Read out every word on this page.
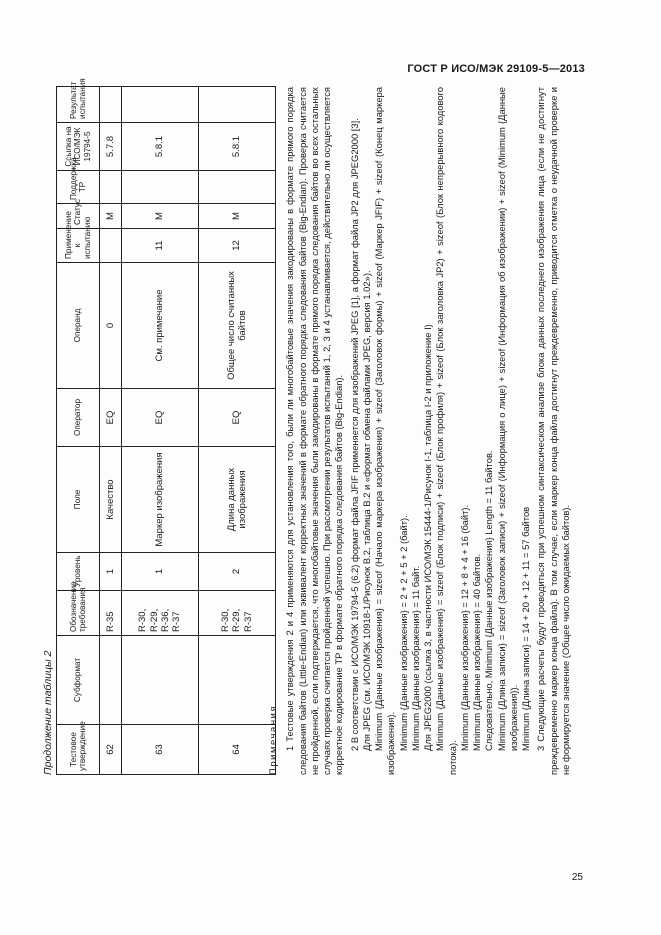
ГОСТ Р ИСО/МЭК 29109-5—2013
Продолжение таблицы 2 Тестовое утверждение	Субформат	Обозначение требования	Уровень	Поле	Оператор	Операнд	Применение к испытанию	Статус	Поддержка ТР	Ссылка на ИСО/МЭК 19794-5	Результат испытания
62		R-35	1	Качество	EQ	0		M		5.7.8	
63		R-30, R-29, R-36, R-37	1	Маркер изображения	EQ	См. примечание	11	M		5.8.1	
64		R-30, R-29, R-37	2	Длина данных изображения	EQ	Общее число считанных байтов	12	M		5.8.1	

Примечания 1 Тестовые утверждения 2 и 4 применяются для установления того, были ли многобайтовые значения закодированы в формате прямого порядка следования байтов (Little-Endian) или эквивалент корректных значений в формате обратного порядка следования байтов (Big-Endian). Проверка считается не пройденной, если подтверждается, что многобайтовые значения были закодированы в формате прямого порядка следования байтов во всех остальных случаях проверка считается пройденной успешно. При рассмотрении результатов испытаний 1, 2, 3 и 4 устанавливается, действительно ли осуществляется корректное кодирование ТР в формате обратного порядка следования байтов (Big-Endian). 2 В соответствии с ИСО/МЭК 19794-5 (6.2) формат файла JFIF применяется для изображений JPEG [1], а формат файла JP2 для JPEG2000 [3]. Для JPEG (см. ИСО/МЭК 10918-1/Рисунок B.2, таблица B.2 и «формат обмена файлами JPEG, версия 1.02»). Minimum {Данные изображения} = sizeof (Начало маркера изображения) + sizeof (Заголовок формы) + sizeof (Маркер JFIF) + sizeof (Конец маркера изображения). Minimum {Данные изображения} = 2 + 2 + 5 + 2 (байт). Minimum {Данные изображения} = 11 байт. Для JPEG2000 (ссылка 3, в частности ИСО/МЭК 15444-1/Рисунок I-1, таблица I-2 и приложение I) Minimum {Данные изображения} = sizeof (Блок подписи) + sizeof (Блок профиля) + sizeof (Блок заголовка JP2) + sizeof (Блок непрерывного кодового потока).

Minimum {Данные изображения} = 12 + 8 + 4 + 16 (байт). Minimum {Данные изображения} = 40 байтов. Следовательно, Minimum {Данные изображения} Length = 11 байтов. Minimum {Длина записи} = sizeof (Заголовок записи) + sizeof (Информация о лице) + sizeof (Информация об изображении) + sizeof (Minimum {Данные изображения}). Minimum {Длина записи} = 14 + 20 + 12 + 11 = 57 байтов 3 Следующие расчеты будут проводиться при успешном синтаксическом анализе блока данных последнего изображения лица (если не достигнут преждевременно маркер конца файла). В том случае, если маркер конца файла достигнут преждевременно, приводится отметка о неудачной проверке и не формируется значение (Общее число ожидаемых байтов).

25
